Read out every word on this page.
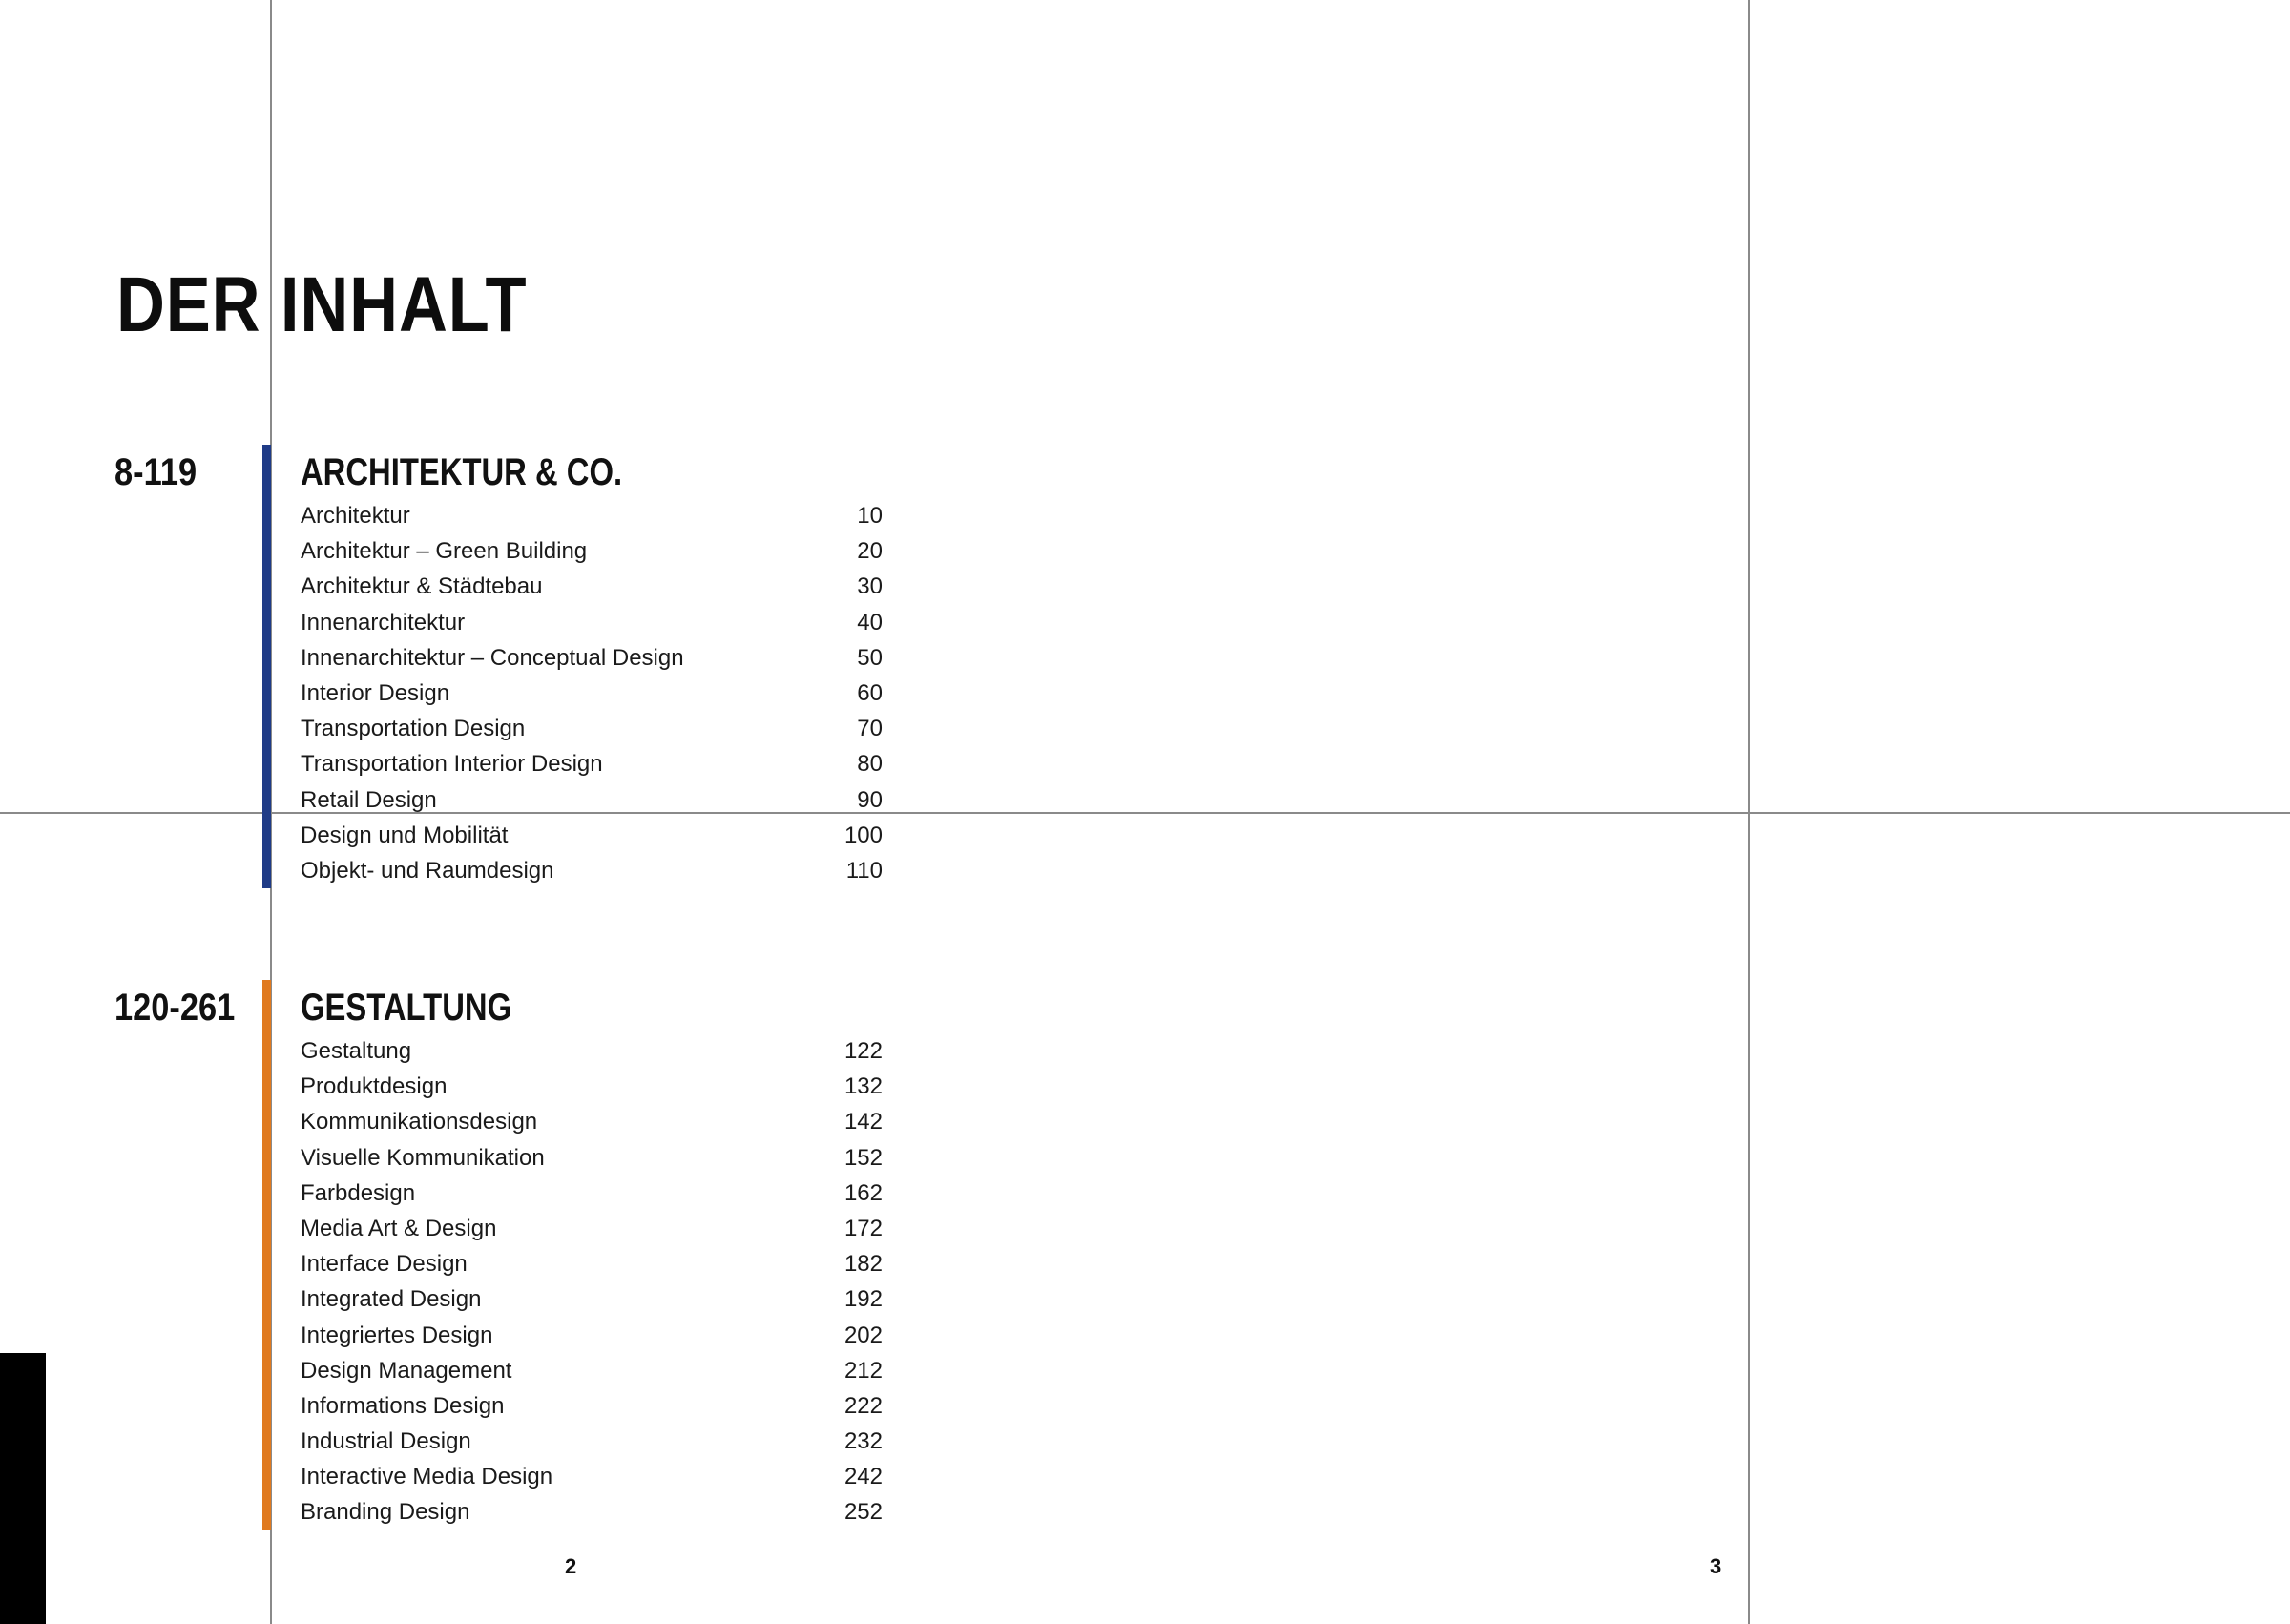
DER INHALT
8-119	ARCHITEKTUR & CO.
Architektur	10
Architektur – Green Building	20
Architektur & Städtebau	30
Innenarchitektur	40
Innenarchitektur – Conceptual Design	50
Interior Design	60
Transportation Design	70
Transportation Interior Design	80
Retail Design	90
Design und Mobilität	100
Objekt- und Raumdesign	110
120-261 GESTALTUNG
Gestaltung	122
Produktdesign	132
Kommunikationsdesign	142
Visuelle Kommunikation	152
Farbdesign	162
Media Art & Design	172
Interface Design	182
Integrated Design	192
Integriertes Design	202
Design Management	212
Informations Design	222
Industrial Design	232
Interactive Media Design	242
Branding Design	252
2	3
